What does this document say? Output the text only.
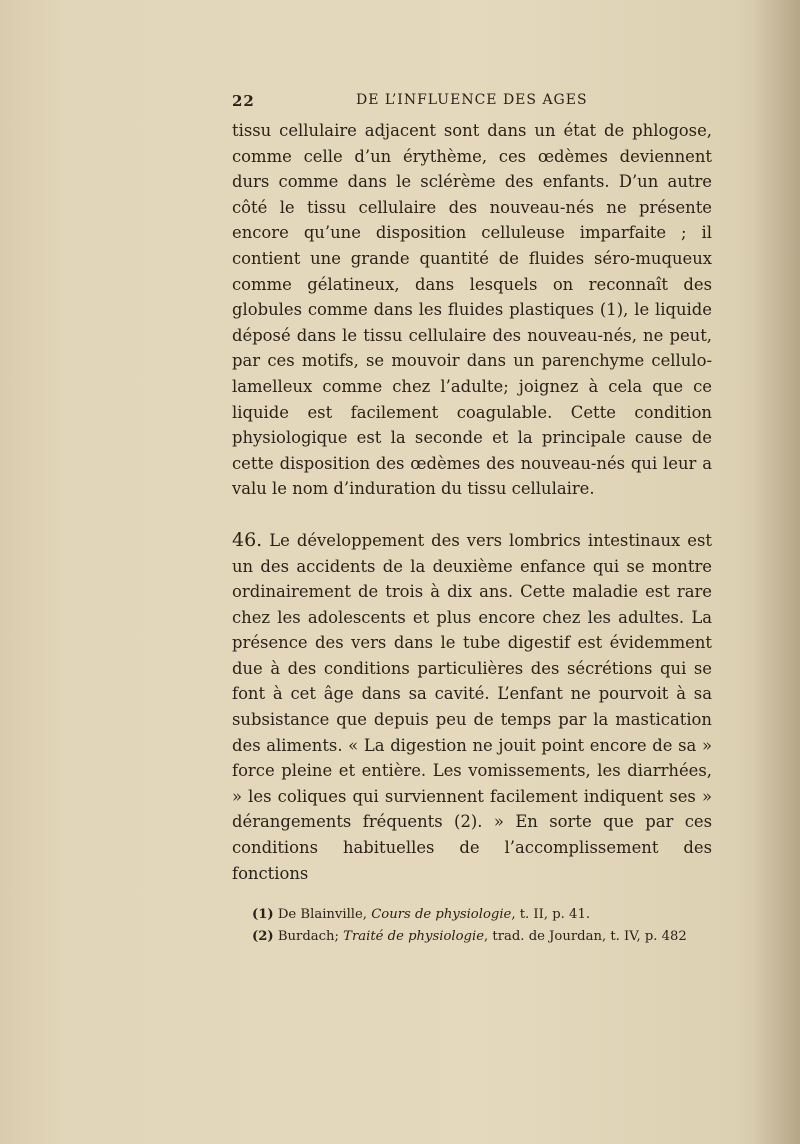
22	DE L’INFLUENCE DES AGES

tissu cellulaire adjacent sont dans un état de phlogose, comme celle d’un érythème, ces œdèmes deviennent durs comme dans le sclérème des enfants. D’un autre côté le tissu cellulaire des nouveau-nés ne présente encore qu’une disposition celluleuse imparfaite ; il contient une grande quantité de fluides séro-muqueux comme gélatineux, dans lesquels on reconnaît des globules comme dans les fluides plastiques (1), le liquide déposé dans le tissu cellulaire des nouveau-nés, ne peut, par ces motifs, se mouvoir dans un parenchyme cellulo-lamelleux comme chez l’adulte; joignez à cela que ce liquide est facilement coagulable. Cette condition physiologique est la seconde et la principale cause de cette disposition des œdèmes des nouveau-nés qui leur a valu le nom d’induration du tissu cellulaire.

46. Le développement des vers lombrics intestinaux est un des accidents de la deuxième enfance qui se montre ordinairement de trois à dix ans. Cette maladie est rare chez les adolescents et plus encore chez les adultes. La présence des vers dans le tube digestif est évidemment due à des conditions particulières des sécrétions qui se font à cet âge dans sa cavité. L’enfant ne pourvoit à sa subsistance que depuis peu de temps par la mastication des aliments. « La digestion ne jouit point encore de sa » force pleine et entière. Les vomissements, les diarrhées, » les coliques qui surviennent facilement indiquent ses » dérangements fréquents (2). » En sorte que par ces conditions habituelles de l’accomplissement des fonctions

(1) De Blainville, Cours de physiologie, t. II, p. 41.
(2) Burdach; Traité de physiologie, trad. de Jourdan, t. IV, p. 482
